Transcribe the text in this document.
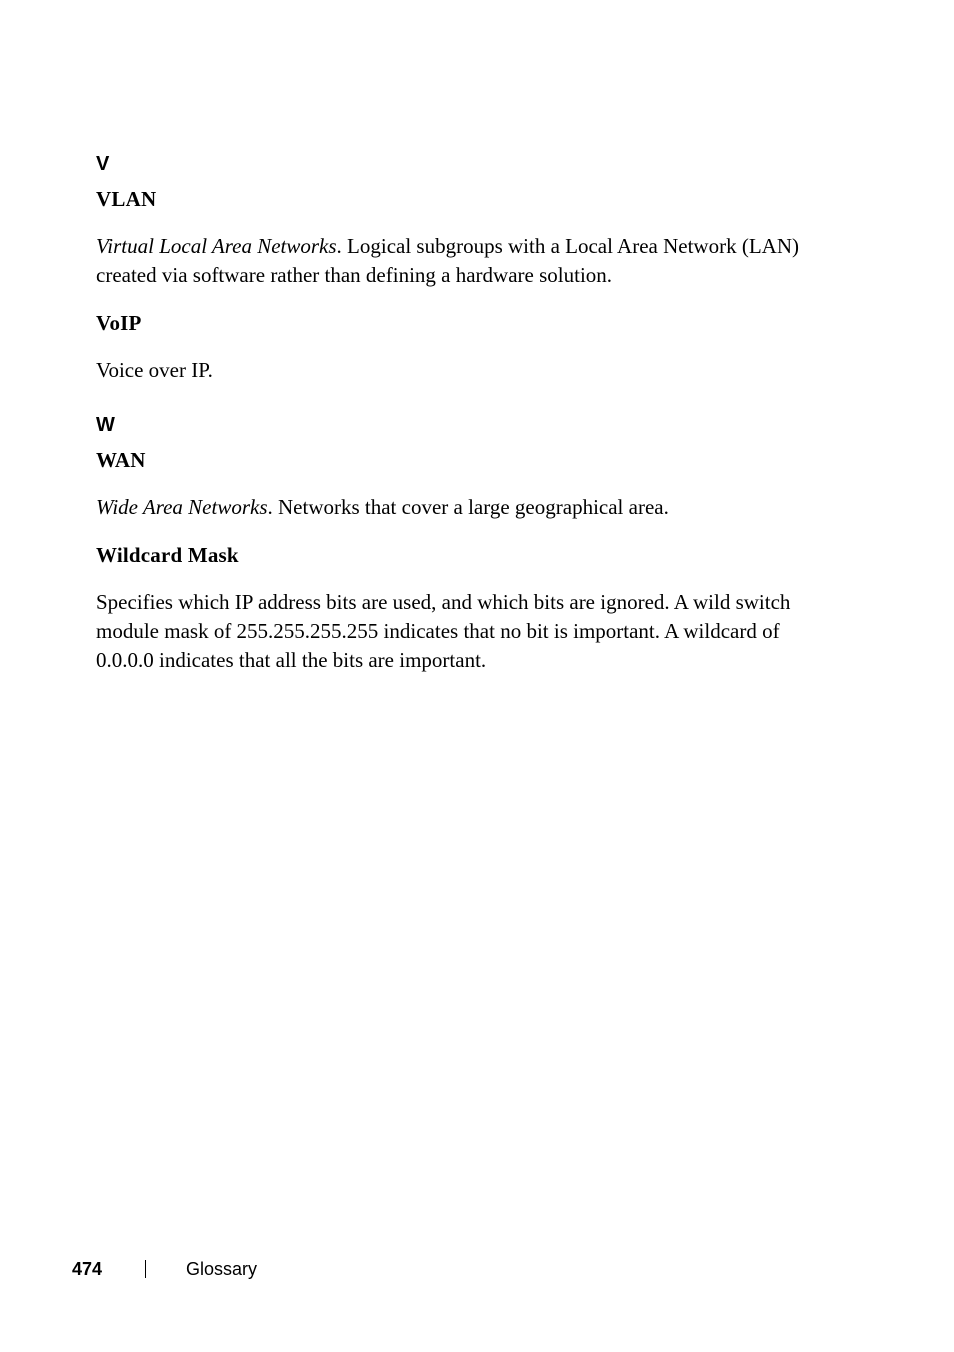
V
VLAN
Virtual Local Area Networks. Logical subgroups with a Local Area Network (LAN) created via software rather than defining a hardware solution.
VoIP
Voice over IP.
W
WAN
Wide Area Networks. Networks that cover a large geographical area.
Wildcard Mask
Specifies which IP address bits are used, and which bits are ignored. A wild switch module mask of 255.255.255.255 indicates that no bit is important. A wildcard of 0.0.0.0 indicates that all the bits are important.
474	Glossary
